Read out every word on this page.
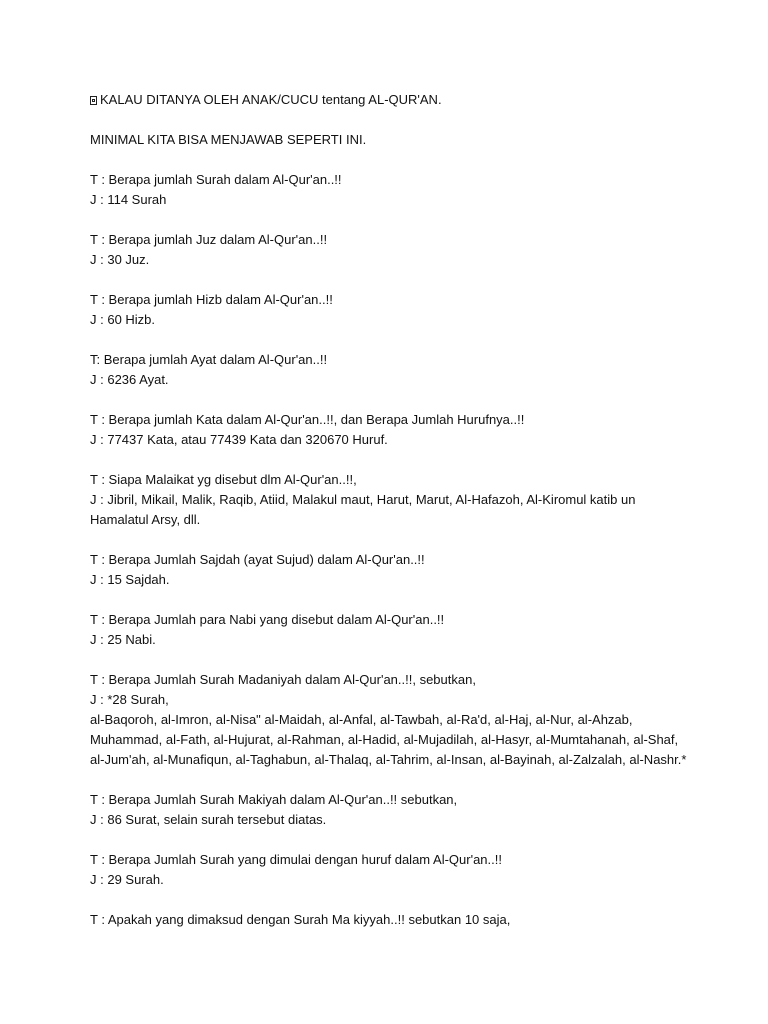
KALAU DITANYA OLEH ANAK/CUCU tentang AL-QUR'AN.
MINIMAL KITA BISA MENJAWAB SEPERTI INI.
T : Berapa jumlah Surah dalam Al-Qur'an..!!
J : 114 Surah
T : Berapa jumlah Juz dalam Al-Qur'an..!!
J : 30 Juz.
T : Berapa jumlah Hizb dalam Al-Qur'an..!!
J : 60 Hizb.
T: Berapa jumlah Ayat dalam Al-Qur'an..!!
J : 6236 Ayat.
T : Berapa jumlah Kata dalam Al-Qur'an..!!, dan Berapa Jumlah Hurufnya..!!
J : 77437 Kata, atau 77439 Kata dan 320670 Huruf.
T : Siapa Malaikat yg disebut dlm Al-Qur'an..!!,
J : Jibril, Mikail, Malik, Raqib, Atiid, Malakul maut, Harut, Marut, Al-Hafazoh, Al-Kiromul katib un
Hamalatul Arsy, dll.
T : Berapa Jumlah Sajdah (ayat Sujud) dalam Al-Qur'an..!!
J : 15 Sajdah.
T : Berapa Jumlah para Nabi yang disebut dalam Al-Qur'an..!!
J : 25 Nabi.
T : Berapa Jumlah Surah Madaniyah dalam Al-Qur'an..!!, sebutkan,
J : *28 Surah,
al-Baqoroh, al-Imron, al-Nisa" al-Maidah, al-Anfal, al-Tawbah, al-Ra'd, al-Haj, al-Nur, al-Ahzab,
Muhammad, al-Fath, al-Hujurat, al-Rahman, al-Hadid, al-Mujadilah, al-Hasyr, al-Mumtahanah, al-Shaf,
al-Jum'ah, al-Munafiqun, al-Taghabun, al-Thalaq, al-Tahrim, al-Insan, al-Bayinah, al-Zalzalah, al-Nashr.*
T : Berapa Jumlah Surah Makiyah dalam Al-Qur'an..!! sebutkan,
J : 86 Surat, selain surah tersebut diatas.
T : Berapa Jumlah Surah yang dimulai dengan huruf dalam Al-Qur'an..!!
J : 29 Surah.
T : Apakah yang dimaksud dengan Surah Ma kiyyah..!! sebutkan 10 saja,
